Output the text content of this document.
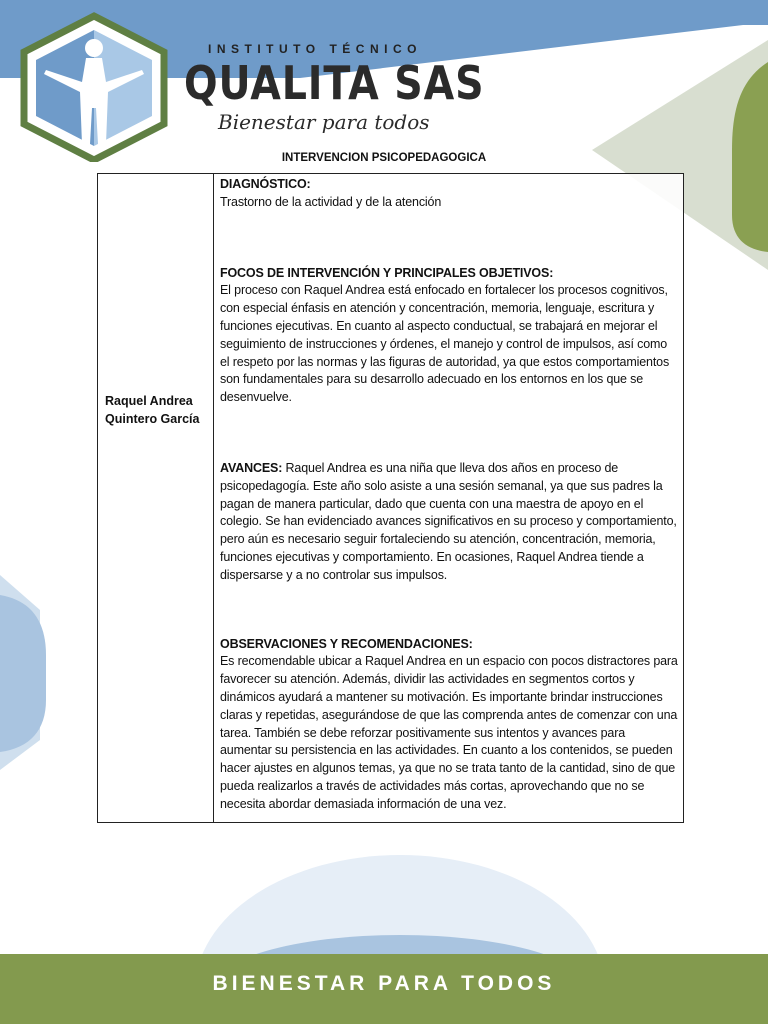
INSTITUTO TÉCNICO
QUALITA SAS
Bienestar para todos
INTERVENCION PSICOPEDAGOGICA
Raquel Andrea Quintero García
DIAGNÓSTICO:
Trastorno de la actividad y de la atención
FOCOS DE INTERVENCIÓN Y PRINCIPALES OBJETIVOS:
El proceso con Raquel Andrea está enfocado en fortalecer los procesos cognitivos, con especial énfasis en atención y concentración, memoria, lenguaje, escritura y funciones ejecutivas. En cuanto al aspecto conductual, se trabajará en mejorar el seguimiento de instrucciones y órdenes, el manejo y control de impulsos, así como el respeto por las normas y las figuras de autoridad, ya que estos comportamientos son fundamentales para su desarrollo adecuado en los entornos en los que se desenvuelve.
AVANCES: Raquel Andrea es una niña que lleva dos años en proceso de psicopedagogía. Este año solo asiste a una sesión semanal, ya que sus padres la pagan de manera particular, dado que cuenta con una maestra de apoyo en el colegio. Se han evidenciado avances significativos en su proceso y comportamiento, pero aún es necesario seguir fortaleciendo su atención, concentración, memoria, funciones ejecutivas y comportamiento. En ocasiones, Raquel Andrea tiende a dispersarse y a no controlar sus impulsos.
OBSERVACIONES Y RECOMENDACIONES:
Es recomendable ubicar a Raquel Andrea en un espacio con pocos distractores para favorecer su atención. Además, dividir las actividades en segmentos cortos y dinámicos ayudará a mantener su motivación. Es importante brindar instrucciones claras y repetidas, asegurándose de que las comprenda antes de comenzar con una tarea. También se debe reforzar positivamente sus intentos y avances para aumentar su persistencia en las actividades. En cuanto a los contenidos, se pueden hacer ajustes en algunos temas, ya que no se trata tanto de la cantidad, sino de que pueda realizarlos a través de actividades más cortas, aprovechando que no se necesita abordar demasiada información de una vez.
BIENESTAR PARA TODOS
